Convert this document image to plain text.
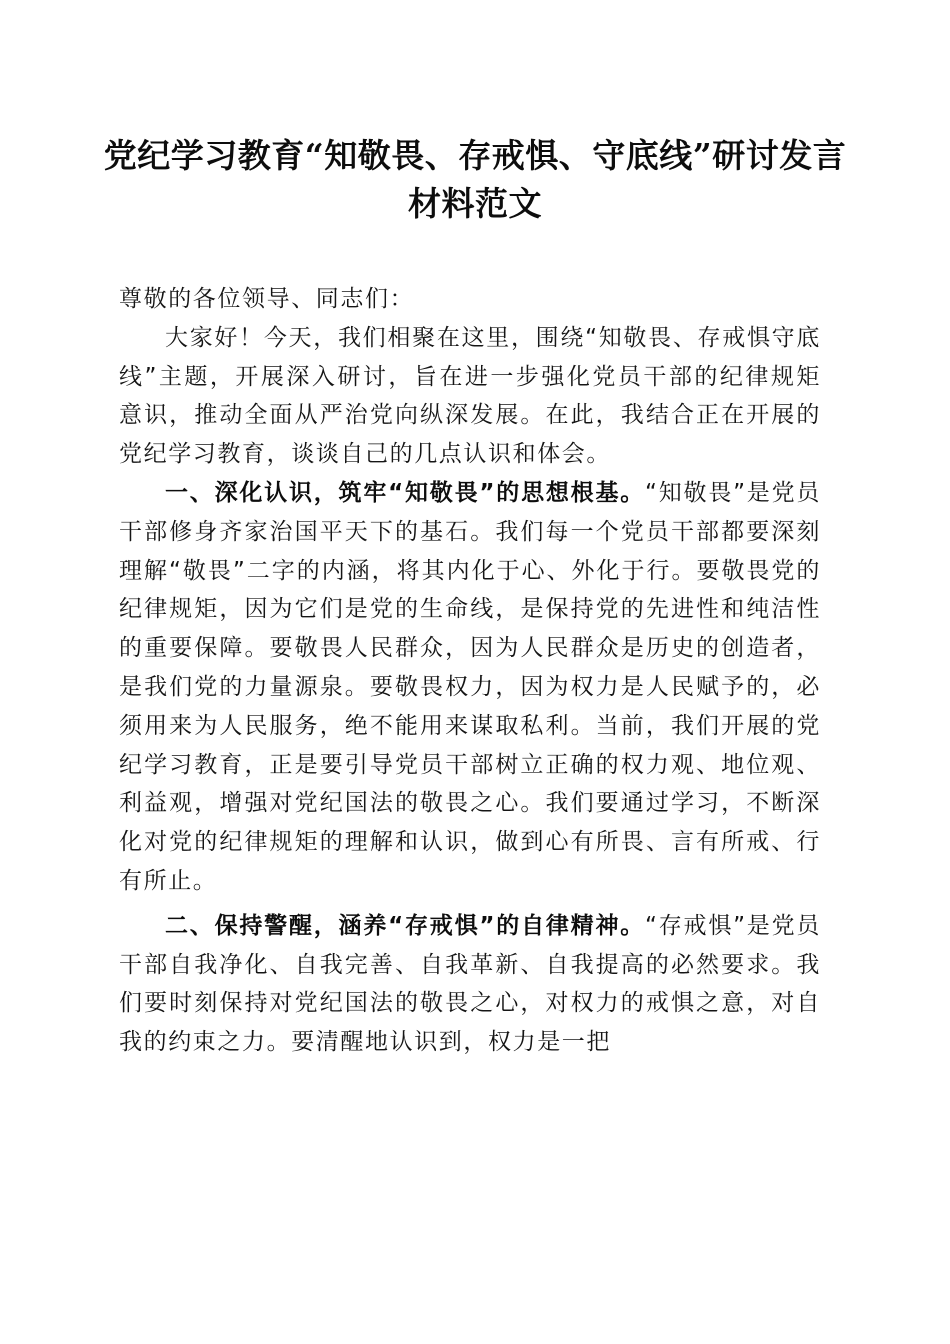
党纪学习教育“知敬畏、存戒惧、守底线”研讨发言材料范文

尊敬的各位领导、同志们：

大家好！今天，我们相聚在这里，围绕“知敬畏、存戒惧守底线”主题，开展深入研讨，旨在进一步强化党员干部的纪律规矩意识，推动全面从严治党向纵深发展。在此，我结合正在开展的党纪学习教育，谈谈自己的几点认识和体会。

一、深化认识，筑牢“知敬畏”的思想根基。“知敬畏”是党员干部修身齐家治国平天下的基石。我们每一个党员干部都要深刻理解“敬畏”二字的内涵，将其内化于心、外化于行。要敬畏党的纪律规矩，因为它们是党的生命线，是保持党的先进性和纯洁性的重要保障。要敬畏人民群众，因为人民群众是历史的创造者，是我们党的力量源泉。要敬畏权力，因为权力是人民赋予的，必须用来为人民服务，绝不能用来谋取私利。当前，我们开展的党纪学习教育，正是要引导党员干部树立正确的权力观、地位观、利益观，增强对党纪国法的敬畏之心。我们要通过学习，不断深化对党的纪律规矩的理解和认识，做到心有所畏、言有所戒、行有所止。

二、保持警醒，涵养“存戒惧”的自律精神。“存戒惧”是党员干部自我净化、自我完善、自我革新、自我提高的必然要求。我们要时刻保持对党纪国法的敬畏之心，对权力的戒惧之意，对自我的约束之力。要清醒地认识到，权力是一把
